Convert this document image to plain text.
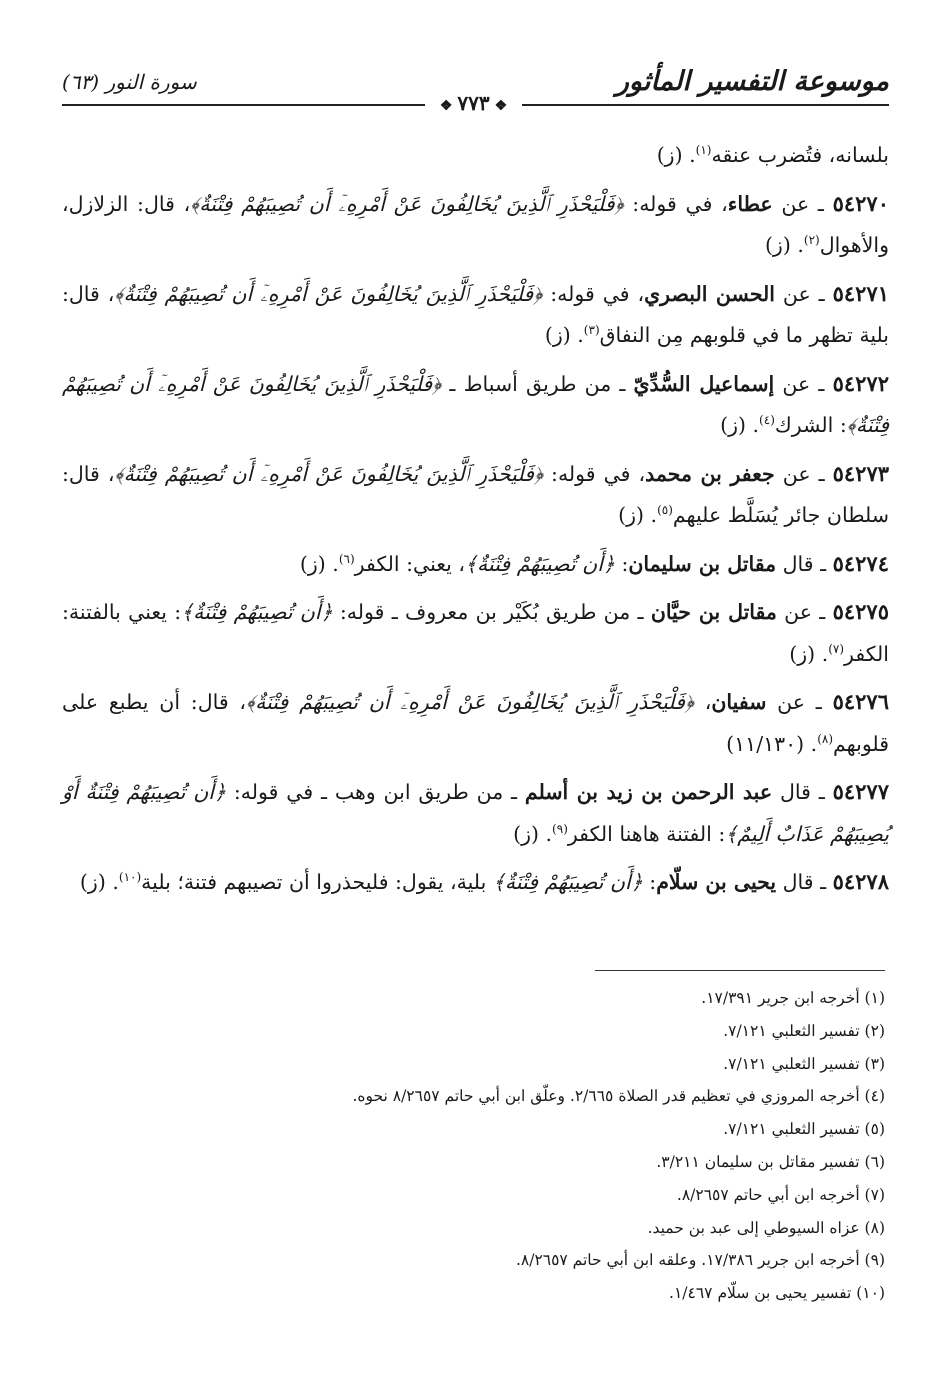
موسوعة التفسير المأثور
سورة النور (٦٣)
❖٧٧٣❖
بلسانه، فتُضرب عنقه$^{(١)}$. (ز)
٥٤٢٧٠ ـ عن عطاء، في قوله: ﴿فَلْيَحْذَرِ ٱلَّذِينَ يُخَالِفُونَ عَنْ أَمْرِهِۦٓ أَن تُصِيبَهُمْ فِتْنَةٌ﴾، قال: الزلازل، والأهوال$^{(٢)}$. (ز)
٥٤٢٧١ ـ عن الحسن البصري، في قوله: ﴿فَلْيَحْذَرِ ٱلَّذِينَ يُخَالِفُونَ عَنْ أَمْرِهِۦٓ أَن تُصِيبَهُمْ فِتْنَةٌ﴾، قال: بلية تظهر ما في قلوبهم مِن النفاق$^{(٣)}$. (ز)
٥٤٢٧٢ ـ عن إسماعيل السُّدِّيّ ـ من طريق أسباط ـ ﴿فَلْيَحْذَرِ ٱلَّذِينَ يُخَالِفُونَ عَنْ أَمْرِهِۦٓ أَن تُصِيبَهُمْ فِتْنَةٌ﴾: الشرك$^{(٤)}$. (ز)
٥٤٢٧٣ ـ عن جعفر بن محمد، في قوله: ﴿فَلْيَحْذَرِ ٱلَّذِينَ يُخَالِفُونَ عَنْ أَمْرِهِۦٓ أَن تُصِيبَهُمْ فِتْنَةٌ﴾، قال: سلطان جائر يُسَلَّط عليهم$^{(٥)}$. (ز)
٥٤٢٧٤ ـ قال مقاتل بن سليمان: ﴿أَن تُصِيبَهُمْ فِتْنَةٌ﴾، يعني: الكفر$^{(٦)}$. (ز)
٥٤٢٧٥ ـ عن مقاتل بن حيَّان ـ من طريق بُكَيْر بن معروف ـ قوله: ﴿أَن تُصِيبَهُمْ فِتْنَةٌ﴾: يعني بالفتنة: الكفر$^{(٧)}$. (ز)
٥٤٢٧٦ ـ عن سفيان، ﴿فَلْيَحْذَرِ ٱلَّذِينَ يُخَالِفُونَ عَنْ أَمْرِهِۦٓ أَن تُصِيبَهُمْ فِتْنَةٌ﴾، قال: أن يطبع على قلوبهم$^{(٨)}$. (١١/١٣٠)
٥٤٢٧٧ ـ قال عبد الرحمن بن زيد بن أسلم ـ من طريق ابن وهب ـ في قوله: ﴿أَن تُصِيبَهُمْ فِتْنَةٌ أَوْ يُصِيبَهُمْ عَذَابٌ أَلِيمٌ﴾: الفتنة هاهنا الكفر$^{(٩)}$. (ز)
٥٤٢٧٨ ـ قال يحيى بن سلّام: ﴿أَن تُصِيبَهُمْ فِتْنَةٌ﴾ بلية، يقول: فليحذروا أن تصيبهم فتنة؛ بلية$^{(١٠)}$. (ز)
(١) أخرجه ابن جرير ١٧/٣٩١.
(٢) تفسير الثعلبي ٧/١٢١.
(٣) تفسير الثعلبي ٧/١٢١.
(٤) أخرجه المروزي في تعظيم قدر الصلاة ٢/٦٦٥. وعلّق ابن أبي حاتم ٨/٢٦٥٧ نحوه.
(٥) تفسير الثعلبي ٧/١٢١.
(٦) تفسير مقاتل بن سليمان ٣/٢١١.
(٧) أخرجه ابن أبي حاتم ٨/٢٦٥٧.
(٨) عزاه السيوطي إلى عبد بن حميد.
(٩) أخرجه ابن جرير ١٧/٣٨٦. وعلقه ابن أبي حاتم ٨/٢٦٥٧.
(١٠) تفسير يحيى بن سلّام ١/٤٦٧.
